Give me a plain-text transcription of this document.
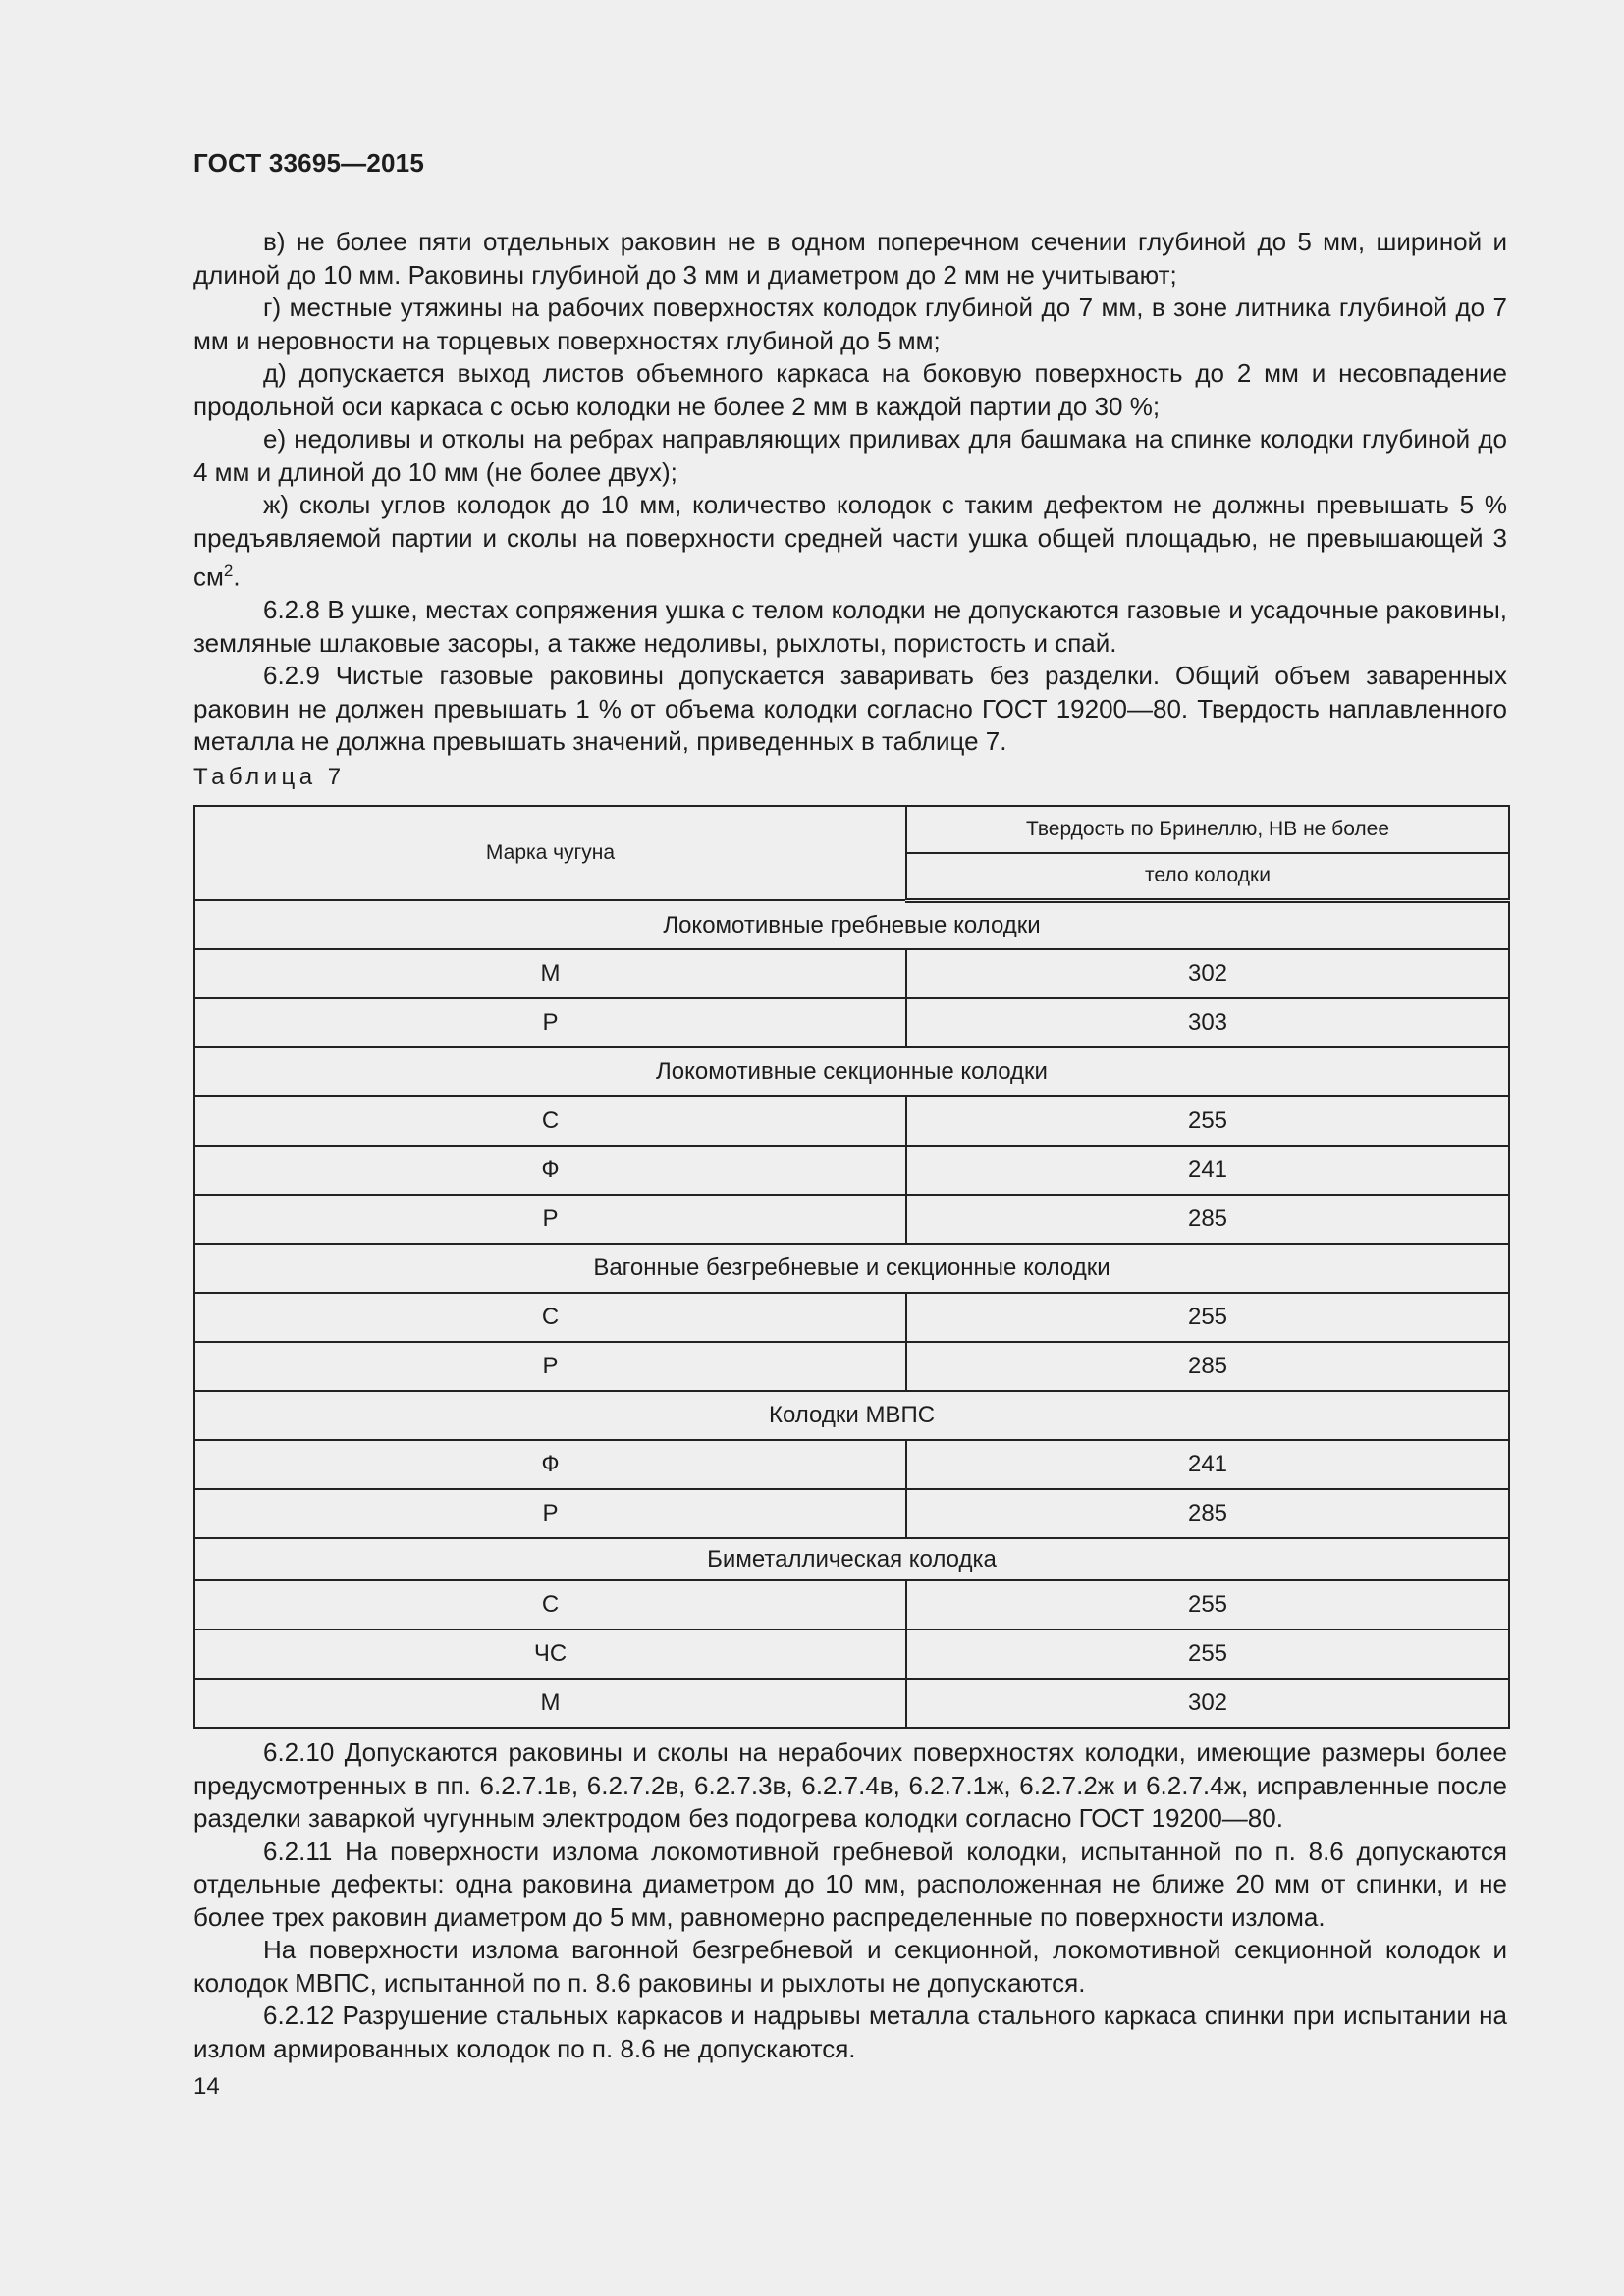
ГОСТ 33695—2015

в) не более пяти отдельных раковин не в одном поперечном сечении глубиной до 5 мм, шириной и длиной до 10 мм. Раковины глубиной до 3 мм и диаметром до 2 мм не учитывают;

г) местные утяжины на рабочих поверхностях колодок глубиной до 7 мм, в зоне литника глубиной до 7 мм и неровности на торцевых поверхностях глубиной до 5 мм;

д) допускается выход листов объемного каркаса на боковую поверхность до 2 мм и несовпадение продольной оси каркаса с осью колодки не более 2 мм в каждой партии до 30 %;

е) недоливы и отколы на ребрах направляющих приливах для башмака на спинке колодки глубиной до 4 мм и длиной до 10 мм (не более двух);

ж) сколы углов колодок до 10 мм, количество колодок с таким дефектом не должны превышать 5 % предъявляемой партии и сколы на поверхности средней части ушка общей площадью, не превышающей 3 $см^2$.

6.2.8 В ушке, местах сопряжения ушка с телом колодки не допускаются газовые и усадочные раковины, земляные шлаковые засоры, а также недоливы, рыхлоты, пористость и спай.

6.2.9 Чистые газовые раковины допускается заваривать без разделки. Общий объем заваренных раковин не должен превышать 1 % от объема колодки согласно ГОСТ 19200—80. Твердость наплавленного металла не должна превышать значений, приведенных в таблице 7.

Таблица 7
Марка чугуна	Твердость по Бринеллю, НВ не более
	тело колодки
Локомотивные гребневые колодки	
М	302
Р	303
Локомотивные секционные колодки	
С	255
Ф	241
Р	285
Вагонные безгребневые и секционные колодки	
С	255
Р	285
Колодки МВПС	
Ф	241
Р	285
Биметаллическая колодка	
С	255
ЧС	255
М	302

6.2.10 Допускаются раковины и сколы на нерабочих поверхностях колодки, имеющие размеры более предусмотренных в пп. 6.2.7.1в, 6.2.7.2в, 6.2.7.3в, 6.2.7.4в, 6.2.7.1ж, 6.2.7.2ж и 6.2.7.4ж, исправленные после разделки заваркой чугунным электродом без подогрева колодки согласно ГОСТ 19200—80.

6.2.11 На поверхности излома локомотивной гребневой колодки, испытанной по п. 8.6 допускаются отдельные дефекты: одна раковина диаметром до 10 мм, расположенная не ближе 20 мм от спинки, и не более трех раковин диаметром до 5 мм, равномерно распределенные по поверхности излома.

На поверхности излома вагонной безгребневой и секционной, локомотивной секционной колодок и колодок МВПС, испытанной по п. 8.6 раковины и рыхлоты не допускаются.

6.2.12 Разрушение стальных каркасов и надрывы металла стального каркаса спинки при испытании на излом армированных колодок по п. 8.6 не допускаются.

14
